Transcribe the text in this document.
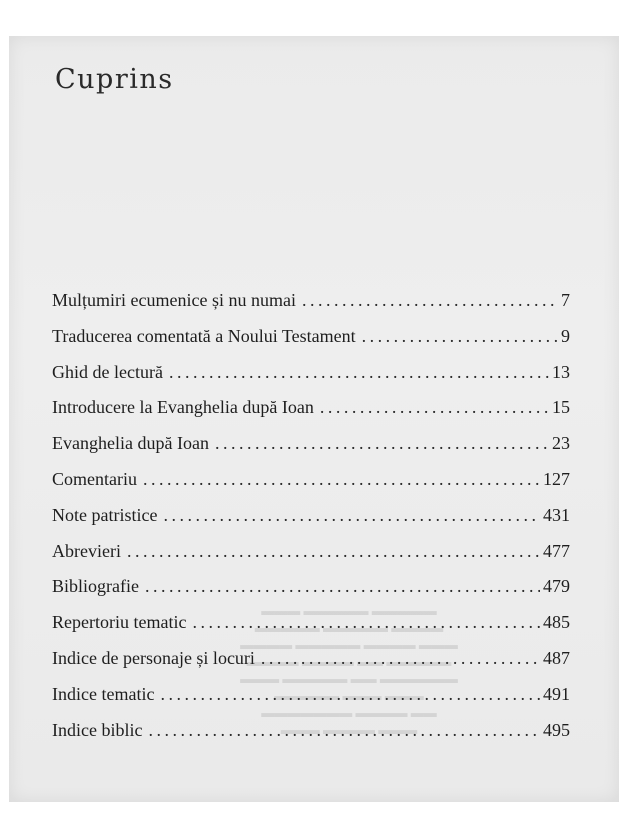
Cuprins
Mulțumiri ecumenice și nu numai . . .	7
Traducerea comentată a Noului Testament . . .	9
Ghid de lectură . . .	13
Introducere la Evanghelia după Ioan . . .	15
Evanghelia după Ioan . . .	23
Comentariu . . .	127
Note patristice . . .	431
Abrevieri . . .	477
Bibliografie . . .	479
Repertoriu tematic . . .	485
Indice de personaje și locuri . . .	487
Indice tematic . . .	491
Indice biblic . . .	495
▬▬▬ ▬▬▬▬▬ ▬▬▬▬▬
▬▬▬▬▬ ▬▬▬▬▬ ▬▬▬▬
▬▬▬▬ ▬▬▬▬▬ ▬▬▬▬ ▬▬▬
▬▬▬▬ ▬▬▬▬ ▬▬ ▬▬▬▬▬
▬▬▬ ▬▬▬▬▬ ▬▬ ▬▬▬▬▬▬
▬▬▬▬▬ ▬▬▬ ▬▬▬
▬▬▬▬▬▬▬ ▬▬▬▬ ▬▬
▬▬▬ ▬▬▬▬ ▬▬▬
